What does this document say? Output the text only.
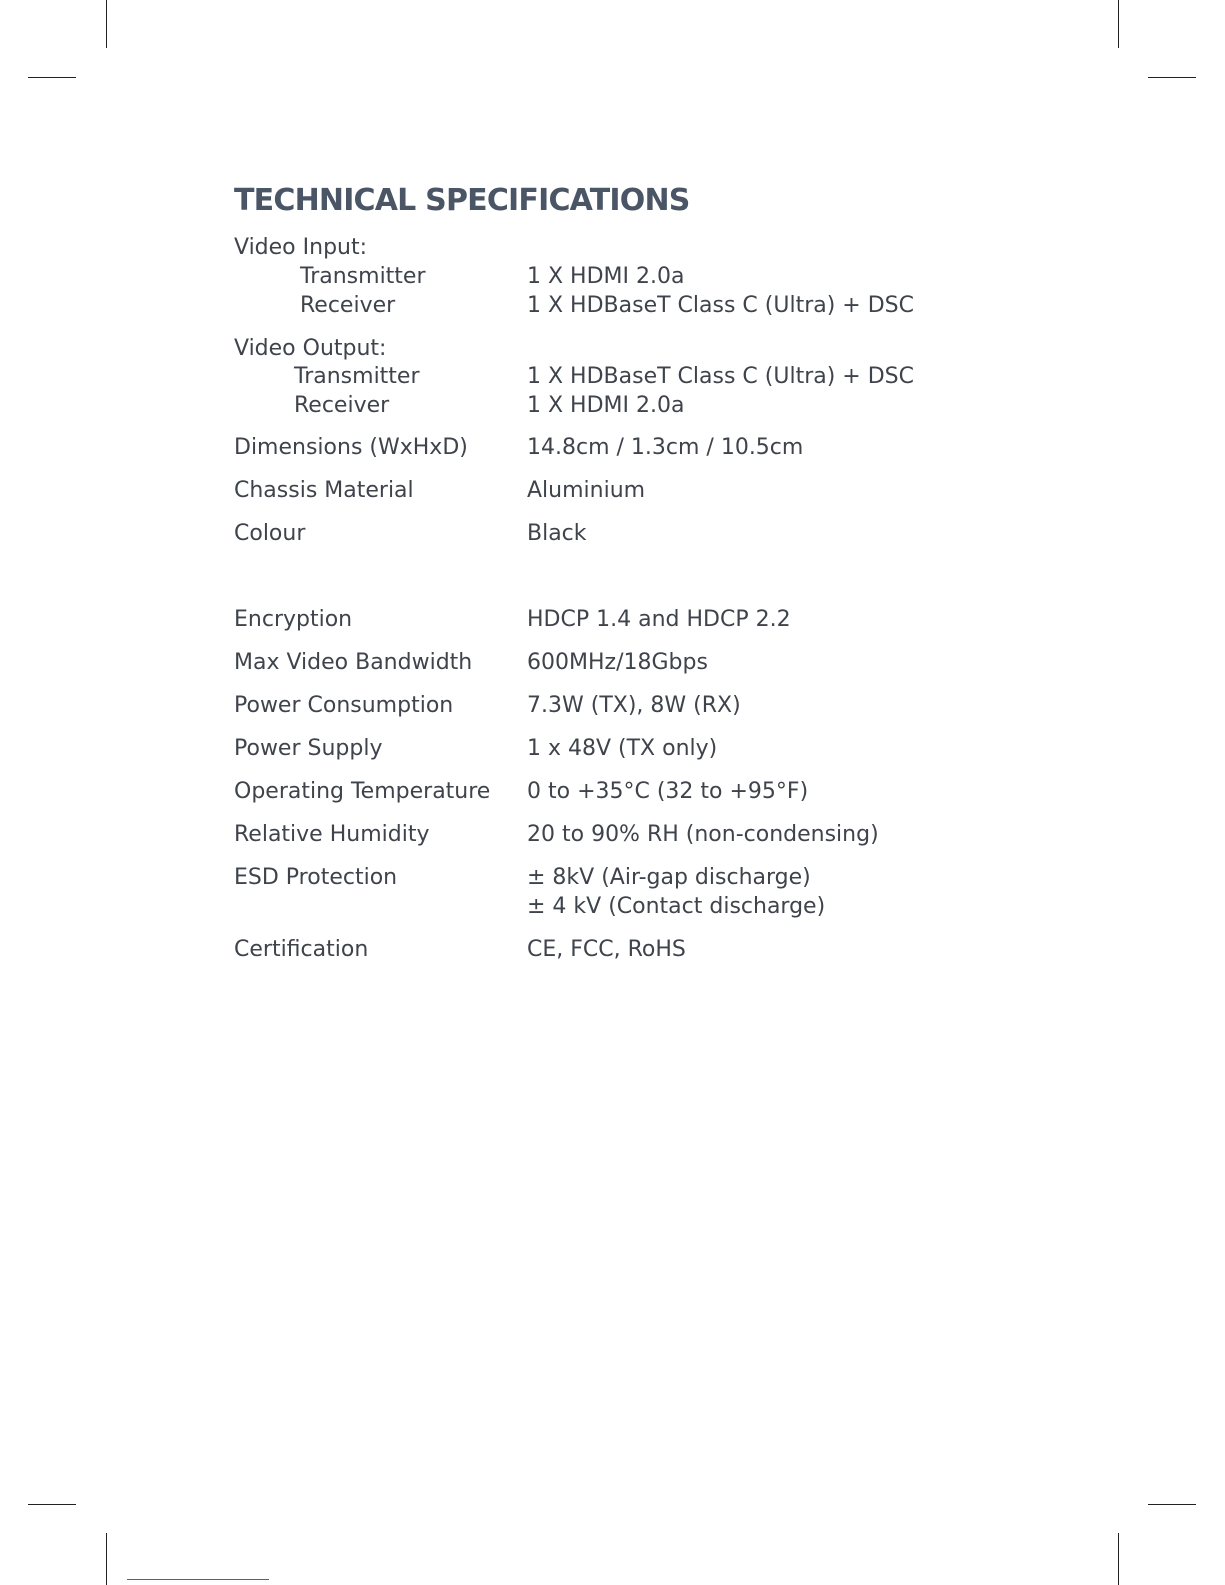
TECHNICAL SPECIFICATIONS
Video Input:
Transmitter	1 X HDMI 2.0a
Receiver	1 X HDBaseT Class C (Ultra) + DSC
Video Output:
Transmitter	1 X HDBaseT Class C (Ultra) + DSC
Receiver	1 X HDMI 2.0a
Dimensions (WxHxD)	14.8cm / 1.3cm / 10.5cm
Chassis Material	Aluminium
Colour	Black
Encryption	HDCP 1.4 and HDCP 2.2
Max Video Bandwidth 600MHz/18Gbps
Power Consumption	7.3W (TX), 8W (RX)
Power Supply	1 x 48V (TX only)
Operating Temperature 0 to +35°C (32 to +95°F)
Relative Humidity	20 to 90% RH (non-condensing)
ESD Protection	± 8kV (Air-gap discharge)
± 4 kV (Contact discharge)
Certification	CE, FCC, RoHS
